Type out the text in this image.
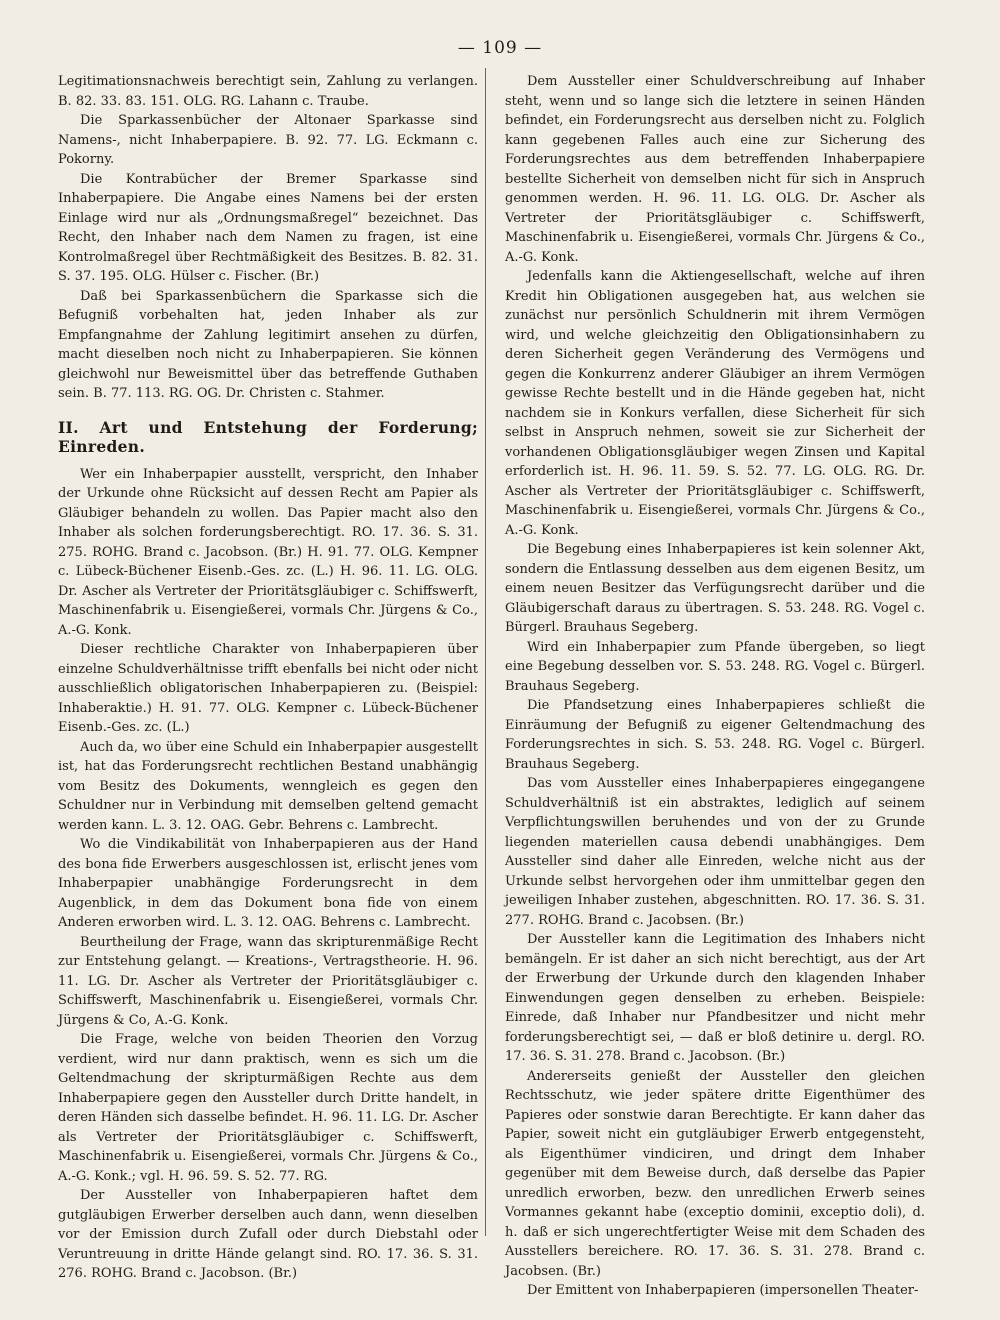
— 109 —

Legitimationsnachweis berechtigt sein, Zahlung zu verlangen. B. 82. 33. 83. 151. OLG. RG. Lahann c. Traube.

Die Sparkassenbücher der Altonaer Sparkasse sind Namens-, nicht Inhaberpapiere. B. 92. 77. LG. Eckmann c. Pokorny.

Die Kontrabücher der Bremer Sparkasse sind Inhaberpapiere. Die Angabe eines Namens bei der ersten Einlage wird nur als „Ordnungsmaßregel“ bezeichnet. Das Recht, den Inhaber nach dem Namen zu fragen, ist eine Kontrolmaßregel über Rechtmäßigkeit des Besitzes. B. 82. 31. S. 37. 195. OLG. Hülser c. Fischer. (Br.)

Daß bei Sparkassenbüchern die Sparkasse sich die Befugniß vorbehalten hat, jeden Inhaber als zur Empfangnahme der Zahlung legitimirt ansehen zu dürfen, macht dieselben noch nicht zu Inhaberpapieren. Sie können gleichwohl nur Beweismittel über das betreffende Guthaben sein. B. 77. 113. RG. OG. Dr. Christen c. Stahmer.

II. Art und Entstehung der Forderung; Einreden.

Wer ein Inhaberpapier ausstellt, verspricht, den Inhaber der Urkunde ohne Rücksicht auf dessen Recht am Papier als Gläubiger behandeln zu wollen. Das Papier macht also den Inhaber als solchen forderungsberechtigt. RO. 17. 36. S. 31. 275. ROHG. Brand c. Jacobson. (Br.) H. 91. 77. OLG. Kempner c. Lübeck-Büchener Eisenb.-Ges. zc. (L.) H. 96. 11. LG. OLG. Dr. Ascher als Vertreter der Prioritätsgläubiger c. Schiffswerft, Maschinenfabrik u. Eisengießerei, vormals Chr. Jürgens & Co., A.-G. Konk.

Dieser rechtliche Charakter von Inhaberpapieren über einzelne Schuldverhältnisse trifft ebenfalls bei nicht oder nicht ausschließlich obligatorischen Inhaberpapieren zu. (Beispiel: Inhaberaktie.) H. 91. 77. OLG. Kempner c. Lübeck-Büchener Eisenb.-Ges. zc. (L.)

Auch da, wo über eine Schuld ein Inhaberpapier ausgestellt ist, hat das Forderungsrecht rechtlichen Bestand unabhängig vom Besitz des Dokuments, wenngleich es gegen den Schuldner nur in Verbindung mit demselben geltend gemacht werden kann. L. 3. 12. OAG. Gebr. Behrens c. Lambrecht.

Wo die Vindikabilität von Inhaberpapieren aus der Hand des bona fide Erwerbers ausgeschlossen ist, erlischt jenes vom Inhaberpapier unabhängige Forderungsrecht in dem Augenblick, in dem das Dokument bona fide von einem Anderen erworben wird. L. 3. 12. OAG. Behrens c. Lambrecht.

Beurtheilung der Frage, wann das skripturenmäßige Recht zur Entstehung gelangt. — Kreations-, Vertragstheorie. H. 96. 11. LG. Dr. Ascher als Vertreter der Prioritätsgläubiger c. Schiffswerft, Maschinenfabrik u. Eisengießerei, vormals Chr. Jürgens & Co, A.-G. Konk.

Die Frage, welche von beiden Theorien den Vorzug verdient, wird nur dann praktisch, wenn es sich um die Geltendmachung der skripturmäßigen Rechte aus dem Inhaberpapiere gegen den Aussteller durch Dritte handelt, in deren Händen sich dasselbe befindet. H. 96. 11. LG. Dr. Ascher als Vertreter der Prioritätsgläubiger c. Schiffswerft, Maschinenfabrik u. Eisengießerei, vormals Chr. Jürgens & Co., A.-G. Konk.; vgl. H. 96. 59. S. 52. 77. RG.

Der Aussteller von Inhaberpapieren haftet dem gutgläubigen Erwerber derselben auch dann, wenn dieselben vor der Emission durch Zufall oder durch Diebstahl oder Veruntreuung in dritte Hände gelangt sind. RO. 17. 36. S. 31. 276. ROHG. Brand c. Jacobson. (Br.)

Dem Aussteller einer Schuldverschreibung auf Inhaber steht, wenn und so lange sich die letztere in seinen Händen befindet, ein Forderungsrecht aus derselben nicht zu. Folglich kann gegebenen Falles auch eine zur Sicherung des Forderungsrechtes aus dem betreffenden Inhaberpapiere bestellte Sicherheit von demselben nicht für sich in Anspruch genommen werden. H. 96. 11. LG. OLG. Dr. Ascher als Vertreter der Prioritätsgläubiger c. Schiffswerft, Maschinenfabrik u. Eisengießerei, vormals Chr. Jürgens & Co., A.-G. Konk.

Jedenfalls kann die Aktiengesellschaft, welche auf ihren Kredit hin Obligationen ausgegeben hat, aus welchen sie zunächst nur persönlich Schuldnerin mit ihrem Vermögen wird, und welche gleichzeitig den Obligationsinhabern zu deren Sicherheit gegen Veränderung des Vermögens und gegen die Konkurrenz anderer Gläubiger an ihrem Vermögen gewisse Rechte bestellt und in die Hände gegeben hat, nicht nachdem sie in Konkurs verfallen, diese Sicherheit für sich selbst in Anspruch nehmen, soweit sie zur Sicherheit der vorhandenen Obligationsgläubiger wegen Zinsen und Kapital erforderlich ist. H. 96. 11. 59. S. 52. 77. LG. OLG. RG. Dr. Ascher als Vertreter der Prioritätsgläubiger c. Schiffswerft, Maschinenfabrik u. Eisengießerei, vormals Chr. Jürgens & Co., A.-G. Konk.

Die Begebung eines Inhaberpapieres ist kein solenner Akt, sondern die Entlassung desselben aus dem eigenen Besitz, um einem neuen Besitzer das Verfügungsrecht darüber und die Gläubigerschaft daraus zu übertragen. S. 53. 248. RG. Vogel c. Bürgerl. Brauhaus Segeberg.

Wird ein Inhaberpapier zum Pfande übergeben, so liegt eine Begebung desselben vor. S. 53. 248. RG. Vogel c. Bürgerl. Brauhaus Segeberg.

Die Pfandsetzung eines Inhaberpapieres schließt die Einräumung der Befugniß zu eigener Geltendmachung des Forderungsrechtes in sich. S. 53. 248. RG. Vogel c. Bürgerl. Brauhaus Segeberg.

Das vom Aussteller eines Inhaberpapieres eingegangene Schuldverhältniß ist ein abstraktes, lediglich auf seinem Verpflichtungswillen beruhendes und von der zu Grunde liegenden materiellen causa debendi unabhängiges. Dem Aussteller sind daher alle Einreden, welche nicht aus der Urkunde selbst hervorgehen oder ihm unmittelbar gegen den jeweiligen Inhaber zustehen, abgeschnitten. RO. 17. 36. S. 31. 277. ROHG. Brand c. Jacobsen. (Br.)

Der Aussteller kann die Legitimation des Inhabers nicht bemängeln. Er ist daher an sich nicht berechtigt, aus der Art der Erwerbung der Urkunde durch den klagenden Inhaber Einwendungen gegen denselben zu erheben. Beispiele: Einrede, daß Inhaber nur Pfandbesitzer und nicht mehr forderungsberechtigt sei, — daß er bloß detinire u. dergl. RO. 17. 36. S. 31. 278. Brand c. Jacobson. (Br.)

Andererseits genießt der Aussteller den gleichen Rechtsschutz, wie jeder spätere dritte Eigenthümer des Papieres oder sonstwie daran Berechtigte. Er kann daher das Papier, soweit nicht ein gutgläubiger Erwerb entgegensteht, als Eigenthümer vindiciren, und dringt dem Inhaber gegenüber mit dem Beweise durch, daß derselbe das Papier unredlich erworben, bezw. den unredlichen Erwerb seines Vormannes gekannt habe (exceptio dominii, exceptio doli), d. h. daß er sich ungerechtfertigter Weise mit dem Schaden des Ausstellers bereichere. RO. 17. 36. S. 31. 278. Brand c. Jacobsen. (Br.)

Der Emittent von Inhaberpapieren (impersonellen Theater-
